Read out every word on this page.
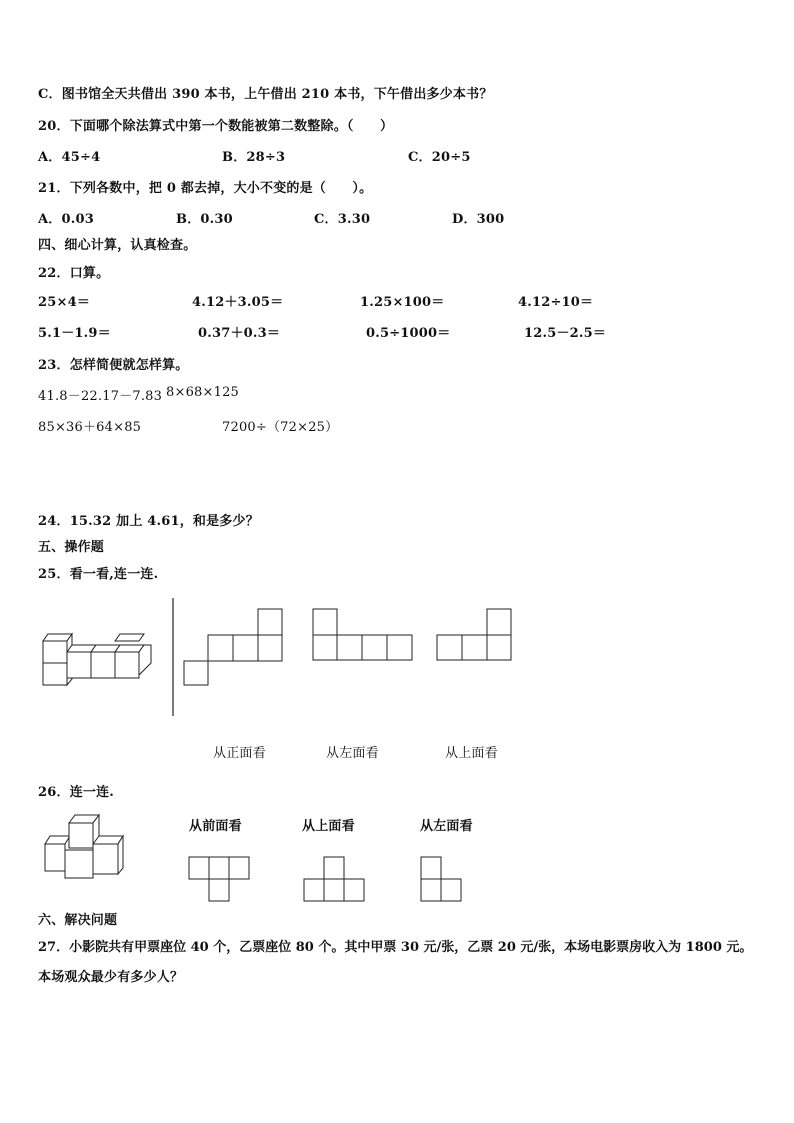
C．图书馆全天共借出 390 本书，上午借出 210 本书，下午借出多少本书？
20．下面哪个除法算式中第一个数能被第二数整除。（　　）
A．45÷4	B．28÷3	C．20÷5
21．下列各数中，把 0 都去掉，大小不变的是（　　）。
A．0.03	B．0.30	C．3.30	D．300
四、细心计算，认真检查。
22．口算。
25×4＝	4.12＋3.05＝	1.25×100＝	4.12÷10＝
5.1－1.9＝	0.37＋0.3＝	0.5÷1000＝	12.5－2.5＝
23．怎样简便就怎样算。
41.8－22.17－7.83 8×68×125
85×36＋64×85	7200÷（72×25）
24．15.32 加上 4.61，和是多少？
五、操作题
25．看一看,连一连.
从正面看	从左面看	从上面看
26．连一连.
从前面看	从上面看	从左面看
六、解决问题
27．小影院共有甲票座位 40 个，乙票座位 80 个。其中甲票 30 元/张，乙票 20 元/张，本场电影票房收入为 1800 元。
本场观众最少有多少人？
